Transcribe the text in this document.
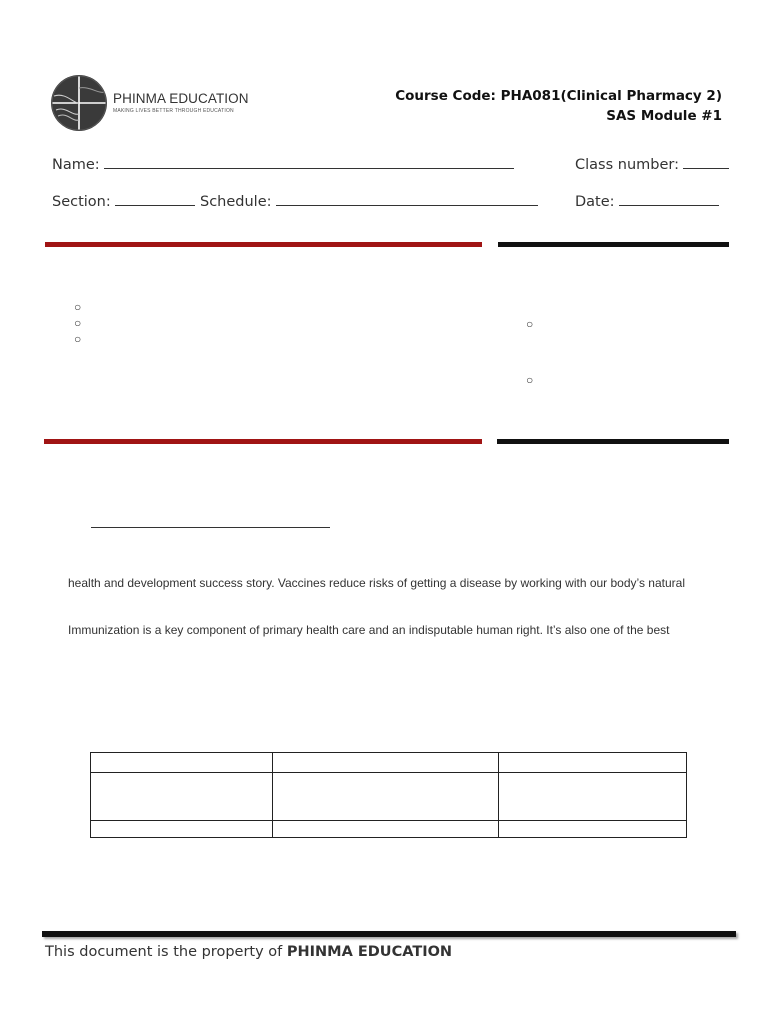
PHINMA EDUCATION
MAKING LIVES BETTER THROUGH EDUCATION
Course Code: PHA081(Clinical Pharmacy 2)
SAS Module #1
Name:	Class number:
Section:	Schedule:	Date:
○
○
○
○
○
health and development success story. Vaccines reduce risks of getting a disease by working with our body’s natural
Immunization is a key component of primary health care and an indisputable human right. It’s also one of the best

This document is the property of PHINMA EDUCATION
